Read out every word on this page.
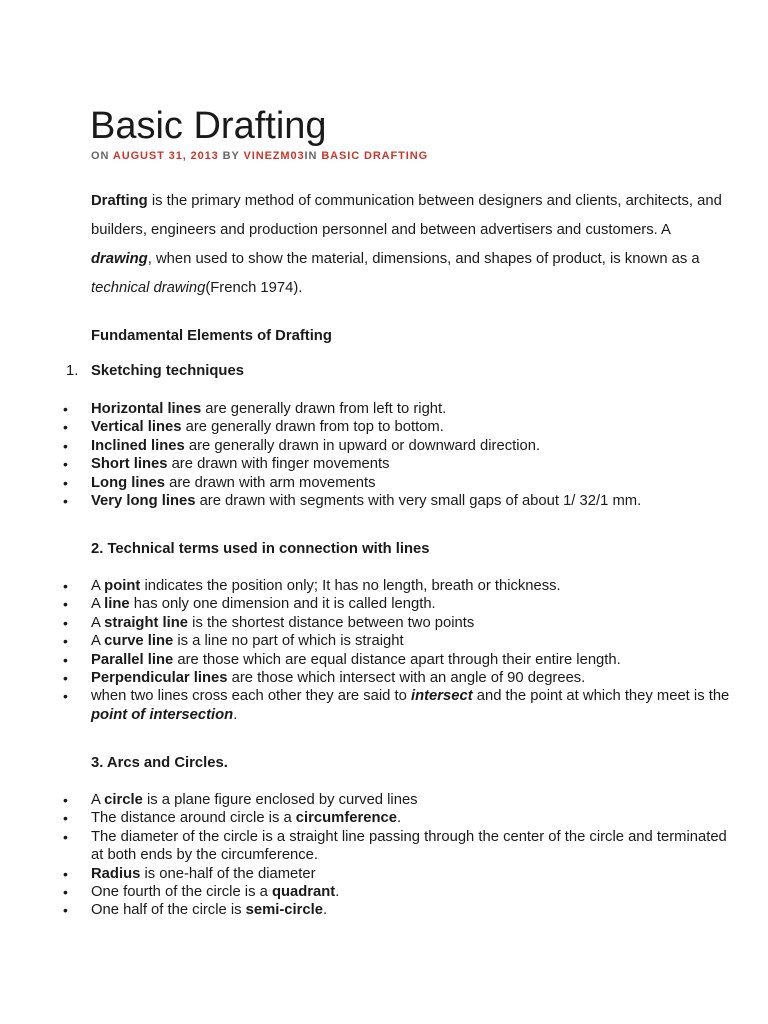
Basic Drafting
ON AUGUST 31, 2013 BY VINEZM03IN BASIC DRAFTING

Drafting is the primary method of communication between designers and clients, architects, and builders, engineers and production personnel and between advertisers and customers. A drawing, when used to show the material, dimensions, and shapes of product, is known as a technical drawing(French 1974).

Fundamental Elements of Drafting

1. Sketching techniques
• Horizontal lines are generally drawn from left to right.
• Vertical lines are generally drawn from top to bottom.
• Inclined lines are generally drawn in upward or downward direction.
• Short lines are drawn with finger movements
• Long lines are drawn with arm movements
• Very long lines are drawn with segments with very small gaps of about 1/ 32/1 mm.

2. Technical terms used in connection with lines

• A point indicates the position only; It has no length, breath or thickness.
• A line has only one dimension and it is called length.
• A straight line is the shortest distance between two points
• A curve line is a line no part of which is straight
• Parallel line are those which are equal distance apart through their entire length.
• Perpendicular lines are those which intersect with an angle of 90 degrees.
• when two lines cross each other they are said to intersect and the point at which they meet is the point of intersection.

3. Arcs and Circles.

• A circle is a plane figure enclosed by curved lines
• The distance around circle is a circumference.
• The diameter of the circle is a straight line passing through the center of the circle and terminated at both ends by the circumference.
• Radius is one-half of the diameter
• One fourth of the circle is a quadrant.
• One half of the circle is semi-circle.
